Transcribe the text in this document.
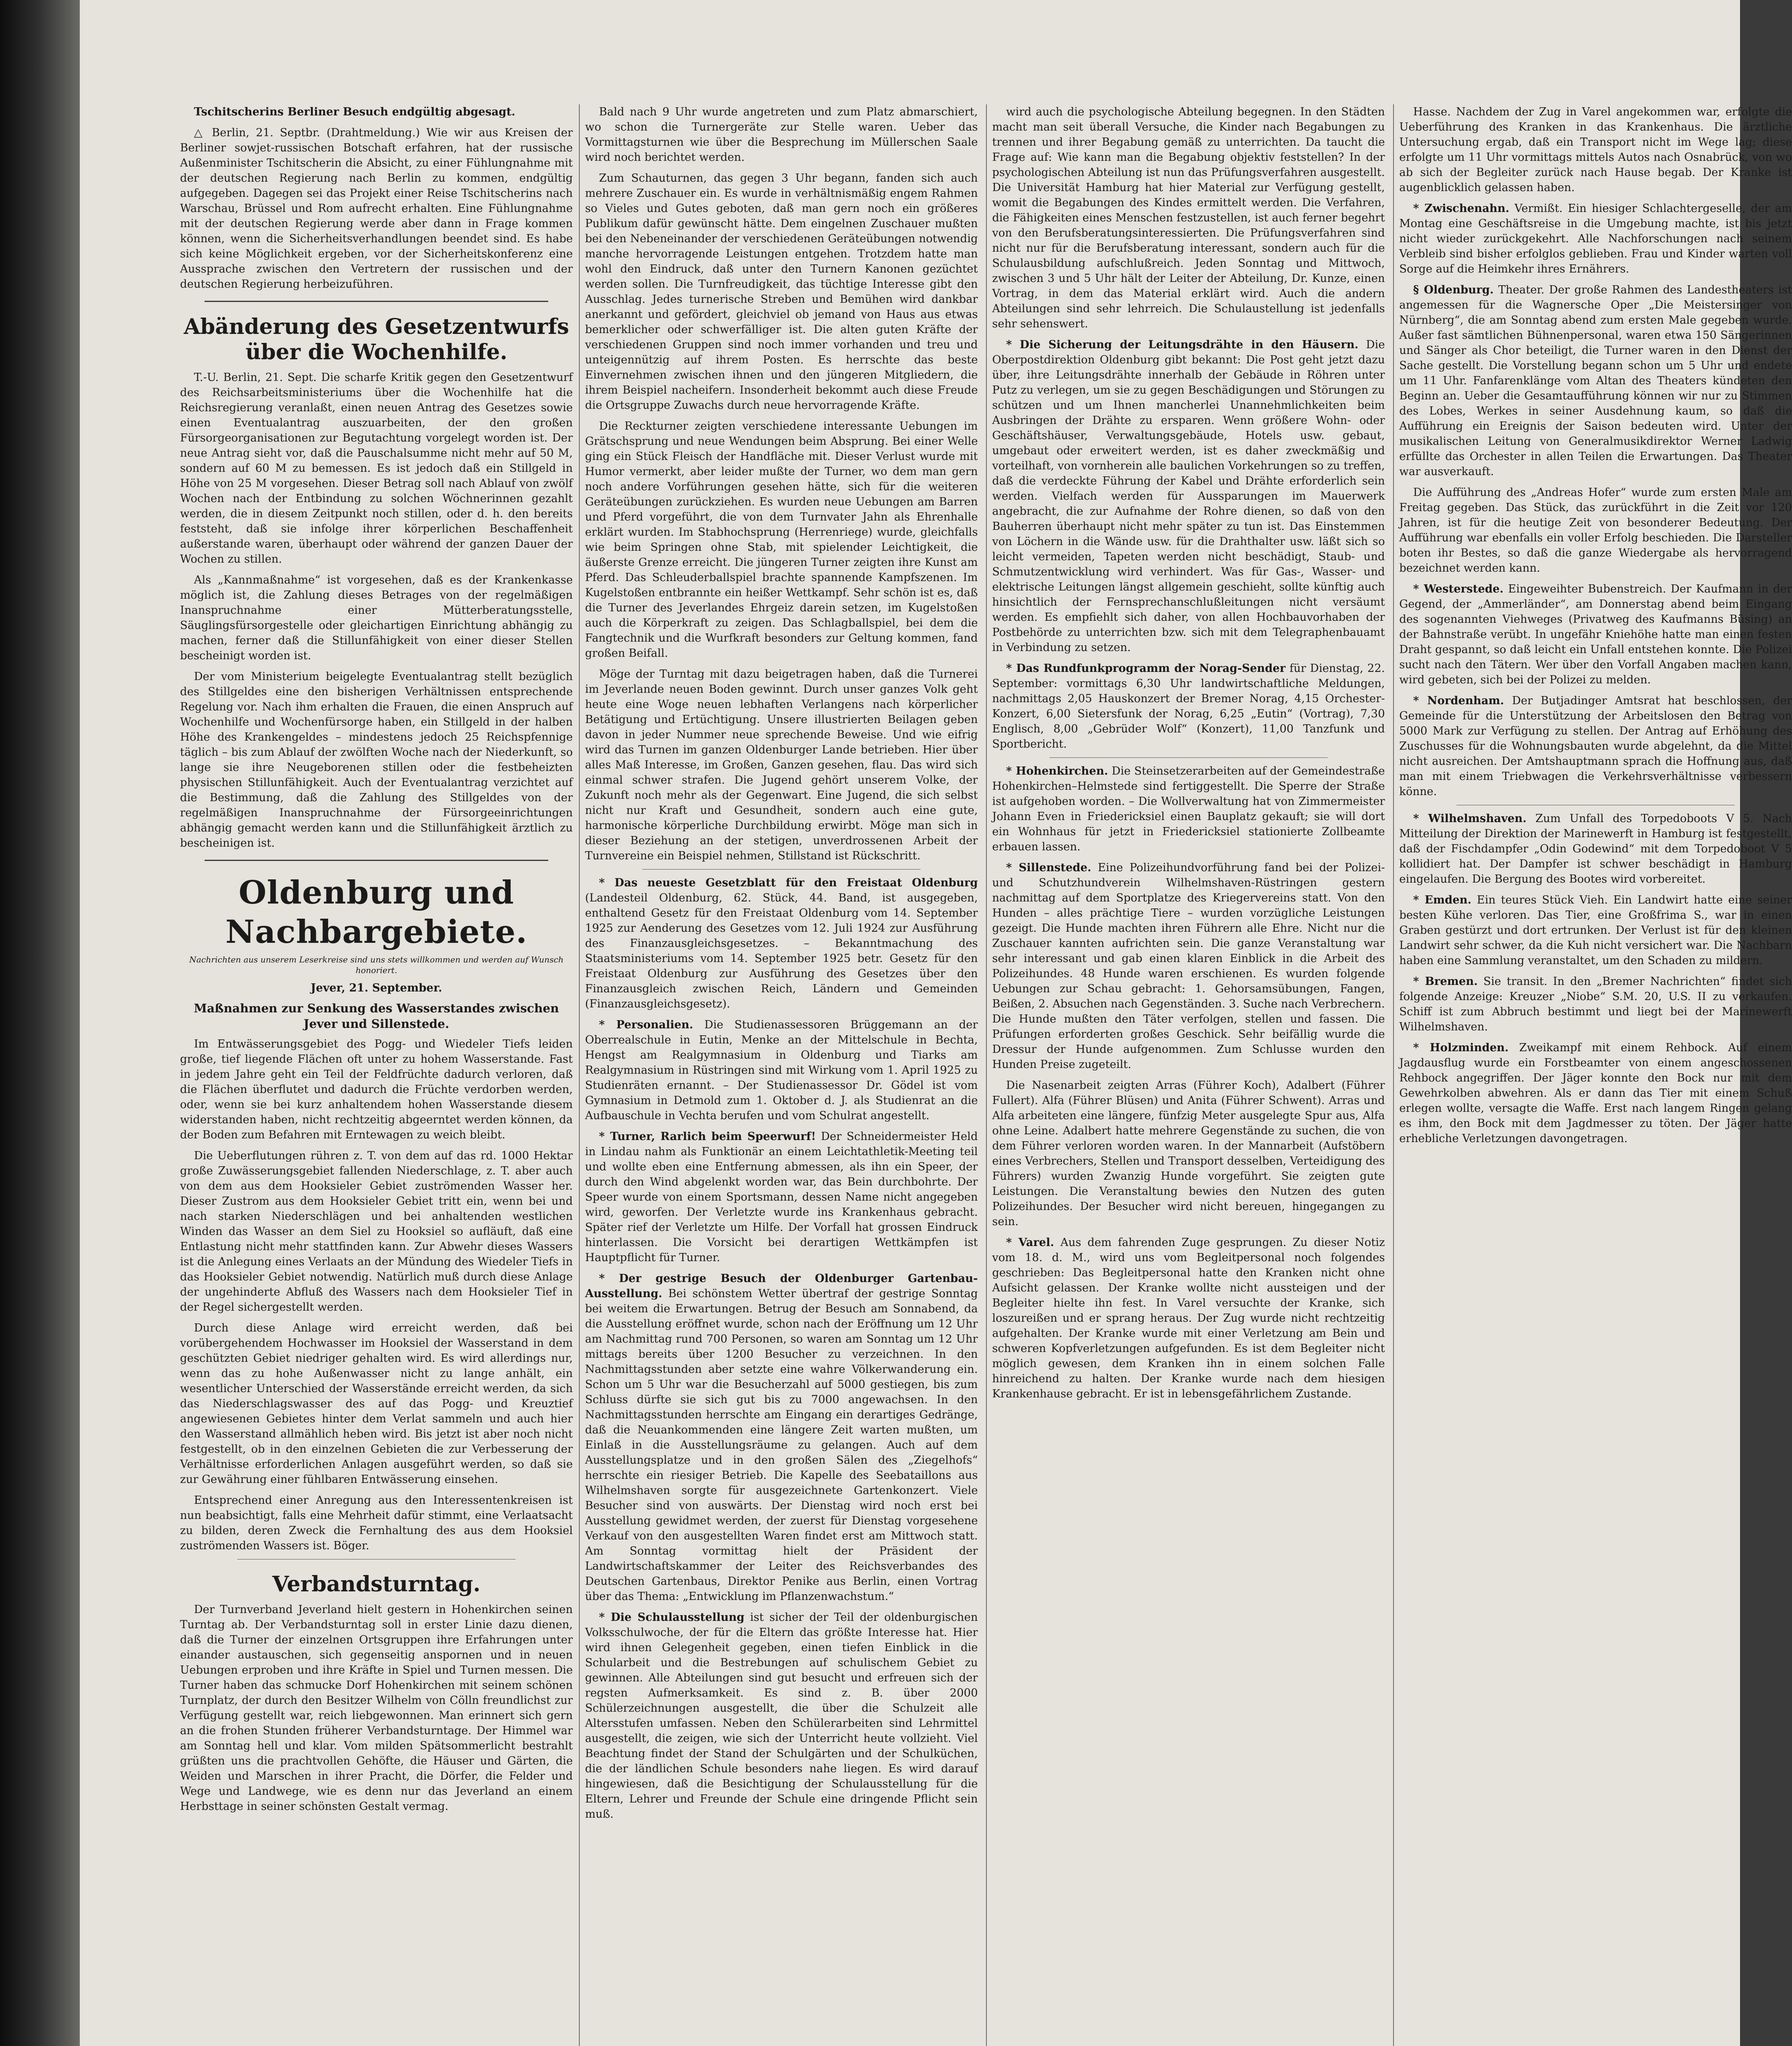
Tschitscherins Berliner Besuch endgültig abgesagt.

△ Berlin, 21. Septbr. (Drahtmeldung.) Wie wir aus Kreisen der Berliner sowjet-russischen Botschaft erfahren, hat der russische Außenminister Tschitscherin die Absicht, zu einer Fühlungnahme mit der deutschen Regierung nach Berlin zu kommen, endgültig aufgegeben. Dagegen sei das Projekt einer Reise Tschitscherins nach Warschau, Brüssel und Rom aufrecht erhalten. Eine Fühlungnahme mit der deutschen Regierung werde aber dann in Frage kommen können, wenn die Sicherheitsverhandlungen beendet sind. Es habe sich keine Möglichkeit ergeben, vor der Sicherheitskonferenz eine Aussprache zwischen den Vertretern der russischen und der deutschen Regierung herbeizuführen.

Abänderung des Gesetzentwurfs über die Wochenhilfe.

T.-U. Berlin, 21. Sept. Die scharfe Kritik gegen den Gesetzentwurf des Reichsarbeitsministeriums über die Wochenhilfe hat die Reichsregierung veranlaßt, einen neuen Antrag des Gesetzes sowie einen Eventualantrag auszuarbeiten, der den großen Fürsorgeorganisationen zur Begutachtung vorgelegt worden ist. Der neue Antrag sieht vor, daß die Pauschalsumme nicht mehr auf 50 M, sondern auf 60 M zu bemessen. Es ist jedoch daß ein Stillgeld in Höhe von 25 M vorgesehen. Dieser Betrag soll nach Ablauf von zwölf Wochen nach der Entbindung zu solchen Wöchnerinnen gezahlt werden, die in diesem Zeitpunkt noch stillen, oder d. h. den bereits feststeht, daß sie infolge ihrer körperlichen Beschaffenheit außerstande waren, überhaupt oder während der ganzen Dauer der Wochen zu stillen.

Als „Kannmaßnahme“ ist vorgesehen, daß es der Krankenkasse möglich ist, die Zahlung dieses Betrages von der regelmäßigen Inanspruchnahme einer Mütterberatungsstelle, Säuglingsfürsorgestelle oder gleichartigen Einrichtung abhängig zu machen, ferner daß die Stillunfähigkeit von einer dieser Stellen bescheinigt worden ist.

Der vom Ministerium beigelegte Eventualantrag stellt bezüglich des Stillgeldes eine den bisherigen Verhältnissen entsprechende Regelung vor. Nach ihm erhalten die Frauen, die einen Anspruch auf Wochenhilfe und Wochenfürsorge haben, ein Stillgeld in der halben Höhe des Krankengeldes – mindestens jedoch 25 Reichspfennige täglich – bis zum Ablauf der zwölften Woche nach der Niederkunft, so lange sie ihre Neugeborenen stillen oder die festbeheizten physischen Stillunfähigkeit. Auch der Eventualantrag verzichtet auf die Bestimmung, daß die Zahlung des Stillgeldes von der regelmäßigen Inanspruchnahme der Fürsorgeeinrichtungen abhängig gemacht werden kann und die Stillunfähigkeit ärztlich zu bescheinigen ist.

Oldenburg und Nachbargebiete.
Nachrichten aus unserem Leserkreise sind uns stets willkommen und werden auf Wunsch honoriert.
Jever, 21. September.
Maßnahmen zur Senkung des Wasserstandes zwischen Jever und Sillenstede.

Im Entwässerungsgebiet des Pogg- und Wiedeler Tiefs leiden große, tief liegende Flächen oft unter zu hohem Wasserstande. Fast in jedem Jahre geht ein Teil der Feldfrüchte dadurch verloren, daß die Flächen überflutet und dadurch die Früchte verdorben werden, oder, wenn sie bei kurz anhaltendem hohen Wasserstande diesem widerstanden haben, nicht rechtzeitig abgeerntet werden können, da der Boden zum Befahren mit Erntewagen zu weich bleibt.

Die Ueberflutungen rühren z. T. von dem auf das rd. 1000 Hektar große Zuwässerungsgebiet fallenden Niederschlage, z. T. aber auch von dem aus dem Hooksieler Gebiet zuströmenden Wasser her. Dieser Zustrom aus dem Hooksieler Gebiet tritt ein, wenn bei und nach starken Niederschlägen und bei anhaltenden westlichen Winden das Wasser an dem Siel zu Hooksiel so aufläuft, daß eine Entlastung nicht mehr stattfinden kann. Zur Abwehr dieses Wassers ist die Anlegung eines Verlaats an der Mündung des Wiedeler Tiefs in das Hooksieler Gebiet notwendig. Natürlich muß durch diese Anlage der ungehinderte Abfluß des Wassers nach dem Hooksieler Tief in der Regel sichergestellt werden.

Durch diese Anlage wird erreicht werden, daß bei vorübergehendem Hochwasser im Hooksiel der Wasserstand in dem geschützten Gebiet niedriger gehalten wird. Es wird allerdings nur, wenn das zu hohe Außenwasser nicht zu lange anhält, ein wesentlicher Unterschied der Wasserstände erreicht werden, da sich das Niederschlagswasser des auf das Pogg- und Kreuztief angewiesenen Gebietes hinter dem Verlat sammeln und auch hier den Wasserstand allmählich heben wird. Bis jetzt ist aber noch nicht festgestellt, ob in den einzelnen Gebieten die zur Verbesserung der Verhältnisse erforderlichen Anlagen ausgeführt werden, so daß sie zur Gewährung einer fühlbaren Entwässerung einsehen.

Entsprechend einer Anregung aus den Interessentenkreisen ist nun beabsichtigt, falls eine Mehrheit dafür stimmt, eine Verlaatsacht zu bilden, deren Zweck die Fernhaltung des aus dem Hooksiel zuströmenden Wassers ist. Böger.

Verbandsturntag.

Der Turnverband Jeverland hielt gestern in Hohenkirchen seinen Turntag ab. Der Verbandsturntag soll in erster Linie dazu dienen, daß die Turner der einzelnen Ortsgruppen ihre Erfahrungen unter einander austauschen, sich gegenseitig anspornen und in neuen Uebungen erproben und ihre Kräfte in Spiel und Turnen messen. Die Turner haben das schmucke Dorf Hohenkirchen mit seinem schönen Turnplatz, der durch den Besitzer Wilhelm von Cölln freundlichst zur Verfügung gestellt war, reich liebgewonnen. Man erinnert sich gern an die frohen Stunden früherer Verbandsturntage. Der Himmel war am Sonntag hell und klar. Vom milden Spätsommerlicht bestrahlt grüßten uns die prachtvollen Gehöfte, die Häuser und Gärten, die Weiden und Marschen in ihrer Pracht, die Dörfer, die Felder und Wege und Landwege, wie es denn nur das Jeverland an einem Herbsttage in seiner schönsten Gestalt vermag.

Bald nach 9 Uhr wurde angetreten und zum Platz abmarschiert, wo schon die Turnergeräte zur Stelle waren. Ueber das Vormittagsturnen wie über die Besprechung im Müllerschen Saale wird noch berichtet werden.

Zum Schauturnen, das gegen 3 Uhr begann, fanden sich auch mehrere Zuschauer ein. Es wurde in verhältnismäßig engem Rahmen so Vieles und Gutes geboten, daß man gern noch ein größeres Publikum dafür gewünscht hätte. Dem eingelnen Zuschauer mußten bei den Nebeneinander der verschiedenen Geräteübungen notwendig manche hervorragende Leistungen entgehen. Trotzdem hatte man wohl den Eindruck, daß unter den Turnern Kanonen gezüchtet werden sollen. Die Turnfreudigkeit, das tüchtige Interesse gibt den Ausschlag. Jedes turnerische Streben und Bemühen wird dankbar anerkannt und gefördert, gleichviel ob jemand von Haus aus etwas bemerklicher oder schwerfälliger ist. Die alten guten Kräfte der verschiedenen Gruppen sind noch immer vorhanden und treu und unteigennützig auf ihrem Posten. Es herrschte das beste Einvernehmen zwischen ihnen und den jüngeren Mitgliedern, die ihrem Beispiel nacheifern. Insonderheit bekommt auch diese Freude die Ortsgruppe Zuwachs durch neue hervorragende Kräfte.

Die Reckturner zeigten verschiedene interessante Uebungen im Grätschsprung und neue Wendungen beim Absprung. Bei einer Welle ging ein Stück Fleisch der Handfläche mit. Dieser Verlust wurde mit Humor vermerkt, aber leider mußte der Turner, wo dem man gern noch andere Vorführungen gesehen hätte, sich für die weiteren Geräteübungen zurückziehen. Es wurden neue Uebungen am Barren und Pferd vorgeführt, die von dem Turnvater Jahn als Ehrenhalle erklärt wurden. Im Stabhochsprung (Herrenriege) wurde, gleichfalls wie beim Springen ohne Stab, mit spielender Leichtigkeit, die äußerste Grenze erreicht. Die jüngeren Turner zeigten ihre Kunst am Pferd. Das Schleuderballspiel brachte spannende Kampfszenen. Im Kugelstoßen entbrannte ein heißer Wettkampf. Sehr schön ist es, daß die Turner des Jeverlandes Ehrgeiz darein setzen, im Kugelstoßen auch die Körperkraft zu zeigen. Das Schlagballspiel, bei dem die Fangtechnik und die Wurfkraft besonders zur Geltung kommen, fand großen Beifall.

Möge der Turntag mit dazu beigetragen haben, daß die Turnerei im Jeverlande neuen Boden gewinnt. Durch unser ganzes Volk geht heute eine Woge neuen lebhaften Verlangens nach körperlicher Betätigung und Ertüchtigung. Unsere illustrierten Beilagen geben davon in jeder Nummer neue sprechende Beweise. Und wie eifrig wird das Turnen im ganzen Oldenburger Lande betrieben. Hier über alles Maß Interesse, im Großen, Ganzen gesehen, flau. Das wird sich einmal schwer strafen. Die Jugend gehört unserem Volke, der Zukunft noch mehr als der Gegenwart. Eine Jugend, die sich selbst nicht nur Kraft und Gesundheit, sondern auch eine gute, harmonische körperliche Durchbildung erwirbt. Möge man sich in dieser Beziehung an der stetigen, unverdrossenen Arbeit der Turnvereine ein Beispiel nehmen, Stillstand ist Rückschritt.

* Das neueste Gesetzblatt für den Freistaat Oldenburg (Landesteil Oldenburg, 62. Stück, 44. Band, ist ausgegeben, enthaltend Gesetz für den Freistaat Oldenburg vom 14. September 1925 zur Aenderung des Gesetzes vom 12. Juli 1924 zur Ausführung des Finanzausgleichsgesetzes. – Bekanntmachung des Staatsministeriums vom 14. September 1925 betr. Gesetz für den Freistaat Oldenburg zur Ausführung des Gesetzes über den Finanzausgleich zwischen Reich, Ländern und Gemeinden (Finanzausgleichsgesetz).

* Personalien. Die Studienassessoren Brüggemann an der Oberrealschule in Eutin, Menke an der Mittelschule in Bechta, Hengst am Realgymnasium in Oldenburg und Tiarks am Realgymnasium in Rüstringen sind mit Wirkung vom 1. April 1925 zu Studienräten ernannt. – Der Studienassessor Dr. Gödel ist vom Gymnasium in Detmold zum 1. Oktober d. J. als Studienrat an die Aufbauschule in Vechta berufen und vom Schulrat angestellt.

* Turner, Rarlich beim Speerwurf! Der Schneidermeister Held in Lindau nahm als Funktionär an einem Leichtathletik-Meeting teil und wollte eben eine Entfernung abmessen, als ihn ein Speer, der durch den Wind abgelenkt worden war, das Bein durchbohrte. Der Speer wurde von einem Sportsmann, dessen Name nicht angegeben wird, geworfen. Der Verletzte wurde ins Krankenhaus gebracht. Später rief der Verletzte um Hilfe. Der Vorfall hat grossen Eindruck hinterlassen. Die Vorsicht bei derartigen Wettkämpfen ist Hauptpflicht für Turner.

* Der gestrige Besuch der Oldenburger Gartenbau-Ausstellung. Bei schönstem Wetter übertraf der gestrige Sonntag bei weitem die Erwartungen. Betrug der Besuch am Sonnabend, da die Ausstellung eröffnet wurde, schon nach der Eröffnung um 12 Uhr am Nachmittag rund 700 Personen, so waren am Sonntag um 12 Uhr mittags bereits über 1200 Besucher zu verzeichnen. In den Nachmittagsstunden aber setzte eine wahre Völkerwanderung ein. Schon um 5 Uhr war die Besucherzahl auf 5000 gestiegen, bis zum Schluss dürfte sie sich gut bis zu 7000 angewachsen. In den Nachmittagsstunden herrschte am Eingang ein derartiges Gedränge, daß die Neuankommenden eine längere Zeit warten mußten, um Einlaß in die Ausstellungsräume zu gelangen. Auch auf dem Ausstellungsplatze und in den großen Sälen des „Ziegelhofs“ herrschte ein riesiger Betrieb. Die Kapelle des Seebataillons aus Wilhelmshaven sorgte für ausgezeichnete Gartenkonzert. Viele Besucher sind von auswärts. Der Dienstag wird noch erst bei Ausstellung gewidmet werden, der zuerst für Dienstag vorgesehene Verkauf von den ausgestellten Waren findet erst am Mittwoch statt. Am Sonntag vormittag hielt der Präsident der Landwirtschaftskammer der Leiter des Reichsverbandes des Deutschen Gartenbaus, Direktor Penike aus Berlin, einen Vortrag über das Thema: „Entwicklung im Pflanzenwachstum.“

* Die Schulausstellung ist sicher der Teil der oldenburgischen Volksschulwoche, der für die Eltern das größte Interesse hat. Hier wird ihnen Gelegenheit gegeben, einen tiefen Einblick in die Schularbeit und die Bestrebungen auf schulischem Gebiet zu gewinnen. Alle Abteilungen sind gut besucht und erfreuen sich der regsten Aufmerksamkeit. Es sind z. B. über 2000 Schülerzeichnungen ausgestellt, die über die Schulzeit alle Altersstufen umfassen. Neben den Schülerarbeiten sind Lehrmittel ausgestellt, die zeigen, wie sich der Unterricht heute vollzieht. Viel Beachtung findet der Stand der Schulgärten und der Schulküchen, die der ländlichen Schule besonders nahe liegen. Es wird darauf hingewiesen, daß die Besichtigung der Schulausstellung für die Eltern, Lehrer und Freunde der Schule eine dringende Pflicht sein muß.

wird auch die psychologische Abteilung begegnen. In den Städten macht man seit überall Versuche, die Kinder nach Begabungen zu trennen und ihrer Begabung gemäß zu unterrichten. Da taucht die Frage auf: Wie kann man die Begabung objektiv feststellen? In der psychologischen Abteilung ist nun das Prüfungsverfahren ausgestellt. Die Universität Hamburg hat hier Material zur Verfügung gestellt, womit die Begabungen des Kindes ermittelt werden. Die Verfahren, die Fähigkeiten eines Menschen festzustellen, ist auch ferner begehrt von den Berufsberatungsinteressierten. Die Prüfungsverfahren sind nicht nur für die Berufsberatung interessant, sondern auch für die Schulausbildung aufschlußreich. Jeden Sonntag und Mittwoch, zwischen 3 und 5 Uhr hält der Leiter der Abteilung, Dr. Kunze, einen Vortrag, in dem das Material erklärt wird. Auch die andern Abteilungen sind sehr lehrreich. Die Schulaustellung ist jedenfalls sehr sehenswert.

* Die Sicherung der Leitungsdrähte in den Häusern. Die Oberpostdirektion Oldenburg gibt bekannt: Die Post geht jetzt dazu über, ihre Leitungsdrähte innerhalb der Gebäude in Röhren unter Putz zu verlegen, um sie zu gegen Beschädigungen und Störungen zu schützen und um Ihnen mancherlei Unannehmlichkeiten beim Ausbringen der Drähte zu ersparen. Wenn größere Wohn- oder Geschäftshäuser, Verwaltungsgebäude, Hotels usw. gebaut, umgebaut oder erweitert werden, ist es daher zweckmäßig und vorteilhaft, von vornherein alle baulichen Vorkehrungen so zu treffen, daß die verdeckte Führung der Kabel und Drähte erforderlich sein werden. Vielfach werden für Aussparungen im Mauerwerk angebracht, die zur Aufnahme der Rohre dienen, so daß von den Bauherren überhaupt nicht mehr später zu tun ist. Das Einstemmen von Löchern in die Wände usw. für die Drahthalter usw. läßt sich so leicht vermeiden, Tapeten werden nicht beschädigt, Staub- und Schmutzentwicklung wird verhindert. Was für Gas-, Wasser- und elektrische Leitungen längst allgemein geschieht, sollte künftig auch hinsichtlich der Fernsprechanschlußleitungen nicht versäumt werden. Es empfiehlt sich daher, von allen Hochbauvorhaben der Postbehörde zu unterrichten bzw. sich mit dem Telegraphenbauamt in Verbindung zu setzen.

* Das Rundfunkprogramm der Norag-Sender für Dienstag, 22. September: vormittags 6,30 Uhr landwirtschaftliche Meldungen, nachmittags 2,05 Hauskonzert der Bremer Norag, 4,15 Orchester-Konzert, 6,00 Sietersfunk der Norag, 6,25 „Eutin“ (Vortrag), 7,30 Englisch, 8,00 „Gebrüder Wolf“ (Konzert), 11,00 Tanzfunk und Sportbericht.

* Hohenkirchen. Die Steinsetzerarbeiten auf der Gemeindestraße Hohenkirchen–Helmstede sind fertiggestellt. Die Sperre der Straße ist aufgehoben worden. – Die Wollverwaltung hat von Zimmermeister Johann Even in Friedericksiel einen Bauplatz gekauft; sie will dort ein Wohnhaus für jetzt in Friedericksiel stationierte Zollbeamte erbauen lassen.

* Sillenstede. Eine Polizeihundvorführung fand bei der Polizei- und Schutzhundverein Wilhelmshaven-Rüstringen gestern nachmittag auf dem Sportplatze des Kriegervereins statt. Von den Hunden – alles prächtige Tiere – wurden vorzügliche Leistungen gezeigt. Die Hunde machten ihren Führern alle Ehre. Nicht nur die Zuschauer kannten aufrichten sein. Die ganze Veranstaltung war sehr interessant und gab einen klaren Einblick in die Arbeit des Polizeihundes. 48 Hunde waren erschienen. Es wurden folgende Uebungen zur Schau gebracht: 1. Gehorsamsübungen, Fangen, Beißen, 2. Absuchen nach Gegenständen. 3. Suche nach Verbrechern. Die Hunde mußten den Täter verfolgen, stellen und fassen. Die Prüfungen erforderten großes Geschick. Sehr beifällig wurde die Dressur der Hunde aufgenommen. Zum Schlusse wurden den Hunden Preise zugeteilt.

Die Nasenarbeit zeigten Arras (Führer Koch), Adalbert (Führer Fullert). Alfa (Führer Blüsen) und Anita (Führer Schwent). Arras und Alfa arbeiteten eine längere, fünfzig Meter ausgelegte Spur aus, Alfa ohne Leine. Adalbert hatte mehrere Gegenstände zu suchen, die von dem Führer verloren worden waren. In der Mannarbeit (Aufstöbern eines Verbrechers, Stellen und Transport desselben, Verteidigung des Führers) wurden Zwanzig Hunde vorgeführt. Sie zeigten gute Leistungen. Die Veranstaltung bewies den Nutzen des guten Polizeihundes. Der Besucher wird nicht bereuen, hingegangen zu sein.

* Varel. Aus dem fahrenden Zuge gesprungen. Zu dieser Notiz vom 18. d. M., wird uns vom Begleitpersonal noch folgendes geschrieben: Das Begleitpersonal hatte den Kranken nicht ohne Aufsicht gelassen. Der Kranke wollte nicht aussteigen und der Begleiter hielte ihn fest. In Varel versuchte der Kranke, sich loszureißen und er sprang heraus. Der Zug wurde nicht rechtzeitig aufgehalten. Der Kranke wurde mit einer Verletzung am Bein und schweren Kopfverletzungen aufgefunden. Es ist dem Begleiter nicht möglich gewesen, dem Kranken ihn in einem solchen Falle hinreichend zu halten. Der Kranke wurde nach dem hiesigen Krankenhause gebracht. Er ist in lebensgefährlichem Zustande.

Hasse. Nachdem der Zug in Varel angekommen war, erfolgte die Ueberführung des Kranken in das Krankenhaus. Die ärztliche Untersuchung ergab, daß ein Transport nicht im Wege lag; diese erfolgte um 11 Uhr vormittags mittels Autos nach Osnabrück, von wo ab sich der Begleiter zurück nach Hause begab. Der Kranke ist augenblicklich gelassen haben.

* Zwischenahn. Vermißt. Ein hiesiger Schlachtergeselle, der am Montag eine Geschäftsreise in die Umgebung machte, ist bis jetzt nicht wieder zurückgekehrt. Alle Nachforschungen nach seinem Verbleib sind bisher erfolglos geblieben. Frau und Kinder warten voll Sorge auf die Heimkehr ihres Ernährers.

§ Oldenburg. Theater. Der große Rahmen des Landestheaters ist angemessen für die Wagnersche Oper „Die Meistersinger von Nürnberg“, die am Sonntag abend zum ersten Male gegeben wurde. Außer fast sämtlichen Bühnenpersonal, waren etwa 150 Sängerinnen und Sänger als Chor beteiligt, die Turner waren in den Dienst der Sache gestellt. Die Vorstellung begann schon um 5 Uhr und endete um 11 Uhr. Fanfarenklänge vom Altan des Theaters kündeten den Beginn an. Ueber die Gesamtaufführung können wir nur zu Stimmen des Lobes, Werkes in seiner Ausdehnung kaum, so daß die Aufführung ein Ereignis der Saison bedeuten wird. Unter der musikalischen Leitung von Generalmusikdirektor Werner Ladwig erfüllte das Orchester in allen Teilen die Erwartungen. Das Theater war ausverkauft.

Die Aufführung des „Andreas Hofer“ wurde zum ersten Male am Freitag gegeben. Das Stück, das zurückführt in die Zeit vor 120 Jahren, ist für die heutige Zeit von besonderer Bedeutung. Der Aufführung war ebenfalls ein voller Erfolg beschieden. Die Darsteller boten ihr Bestes, so daß die ganze Wiedergabe als hervorragend bezeichnet werden kann.

* Westerstede. Eingeweihter Bubenstreich. Der Kaufmann in der Gegend, der „Ammerländer“, am Donnerstag abend beim Eingang des sogenannten Viehweges (Privatweg des Kaufmanns Büsing) an der Bahnstraße verübt. In ungefähr Kniehöhe hatte man einen festen Draht gespannt, so daß leicht ein Unfall entstehen konnte. Die Polizei sucht nach den Tätern. Wer über den Vorfall Angaben machen kann, wird gebeten, sich bei der Polizei zu melden.

* Nordenham. Der Butjadinger Amtsrat hat beschlossen, der Gemeinde für die Unterstützung der Arbeitslosen den Betrag von 5000 Mark zur Verfügung zu stellen. Der Antrag auf Erhöhung des Zuschusses für die Wohnungsbauten wurde abgelehnt, da die Mittel nicht ausreichen. Der Amtshauptmann sprach die Hoffnung aus, daß man mit einem Triebwagen die Verkehrsverhältnisse verbessern könne.

* Wilhelmshaven. Zum Unfall des Torpedoboots V 5. Nach Mitteilung der Direktion der Marinewerft in Hamburg ist festgestellt, daß der Fischdampfer „Odin Godewind“ mit dem Torpedoboot V 5 kollidiert hat. Der Dampfer ist schwer beschädigt in Hamburg eingelaufen. Die Bergung des Bootes wird vorbereitet.

* Emden. Ein teures Stück Vieh. Ein Landwirt hatte eine seiner besten Kühe verloren. Das Tier, eine Großfrima S., war in einen Graben gestürzt und dort ertrunken. Der Verlust ist für den kleinen Landwirt sehr schwer, da die Kuh nicht versichert war. Die Nachbarn haben eine Sammlung veranstaltet, um den Schaden zu mildern.

* Bremen. Sie transit. In den „Bremer Nachrichten“ findet sich folgende Anzeige: Kreuzer „Niobe“ S.M. 20, U.S. II zu verkaufen. Schiff ist zum Abbruch bestimmt und liegt bei der Marinewerft Wilhelmshaven.

* Holzminden. Zweikampf mit einem Rehbock. Auf einem Jagdausflug wurde ein Forstbeamter von einem angeschossenen Rehbock angegriffen. Der Jäger konnte den Bock nur mit dem Gewehrkolben abwehren. Als er dann das Tier mit einem Schuß erlegen wollte, versagte die Waffe. Erst nach langem Ringen gelang es ihm, den Bock mit dem Jagdmesser zu töten. Der Jäger hatte erhebliche Verletzungen davongetragen.
